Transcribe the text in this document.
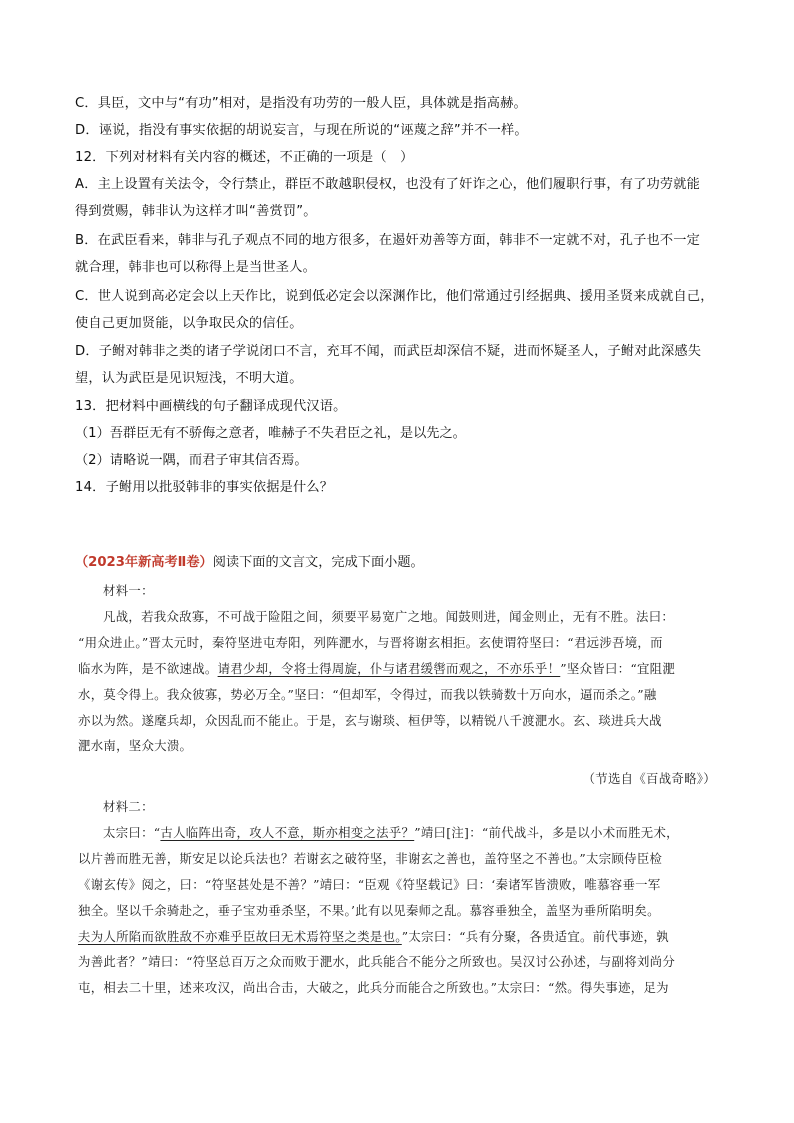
C．具臣，文中与“有功”相对，是指没有功劳的一般人臣，具体就是指高赫。
D．诬说，指没有事实依据的胡说妄言，与现在所说的“诬蔑之辞”并不一样。
12．下列对材料有关内容的概述，不正确的一项是（　）
A．主上设置有关法令，令行禁止，群臣不敢越职侵权，也没有了奸诈之心，他们履职行事，有了功劳就能
得到赏赐，韩非认为这样才叫“善赏罚”。
B．在武臣看来，韩非与孔子观点不同的地方很多，在遏奸劝善等方面，韩非不一定就不对，孔子也不一定
就合理，韩非也可以称得上是当世圣人。
C．世人说到高必定会以上天作比，说到低必定会以深渊作比，他们常通过引经据典、援用圣贤来成就自己，
使自己更加贤能，以争取民众的信任。
D．子鲋对韩非之类的诸子学说闭口不言，充耳不闻，而武臣却深信不疑，进而怀疑圣人，子鲋对此深感失
望，认为武臣是见识短浅，不明大道。
13．把材料中画横线的句子翻译成现代汉语。
（1）吾群臣无有不骄侮之意者，唯赫子不失君臣之礼，是以先之。
（2）请略说一隅，而君子审其信否焉。
14．子鲋用以批驳韩非的事实依据是什么？
（2023年新高考Ⅱ卷）阅读下面的文言文，完成下面小题。
材料一：
凡战，若我众敌寡，不可战于险阻之间，须要平易宽广之地。闻鼓则进，闻金则止，无有不胜。法曰：
“用众进止。”晋太元时，秦符坚进屯寿阳，列阵淝水，与晋将谢玄相拒。玄使谓符坚曰：“君远涉吾境，而
临水为阵，是不欲速战。请君少却，令将士得周旋，仆与诸君缓辔而观之，不亦乐乎！”坚众皆曰：“宜阻淝
水，莫令得上。我众彼寡，势必万全。”坚曰：“但却军，令得过，而我以铁骑数十万向水，逼而杀之。”融
亦以为然。遂麾兵却，众因乱而不能止。于是，玄与谢琰、桓伊等，以精锐八千渡淝水。玄、琰进兵大战
淝水南，坚众大溃。
（节选自《百战奇略》）
材料二：
太宗曰：“古人临阵出奇，攻人不意，斯亦相变之法乎？”靖曰[注]：“前代战斗，多是以小术而胜无术，
以片善而胜无善，斯安足以论兵法也？若谢玄之破符坚，非谢玄之善也，盖符坚之不善也。”太宗顾侍臣检
《谢玄传》阅之，曰：“符坚甚处是不善？”靖曰：“臣观《符坚载记》曰：‘秦诸军皆溃败，唯慕容垂一军
独全。坚以千余骑赴之，垂子宝劝垂杀坚，不果。’此有以见秦师之乱。慕容垂独全，盖坚为垂所陷明矣。
夫为人所陷而欲胜敌不亦难乎臣故曰无术焉符坚之类是也。”太宗曰：“兵有分聚，各贵适宜。前代事迹，孰
为善此者？”靖曰：“符坚总百万之众而败于淝水，此兵能合不能分之所致也。吴汉讨公孙述，与副将刘尚分
屯，相去二十里，述来攻汉，尚出合击，大破之，此兵分而能合之所致也。”太宗曰：“然。得失事迹，足为
